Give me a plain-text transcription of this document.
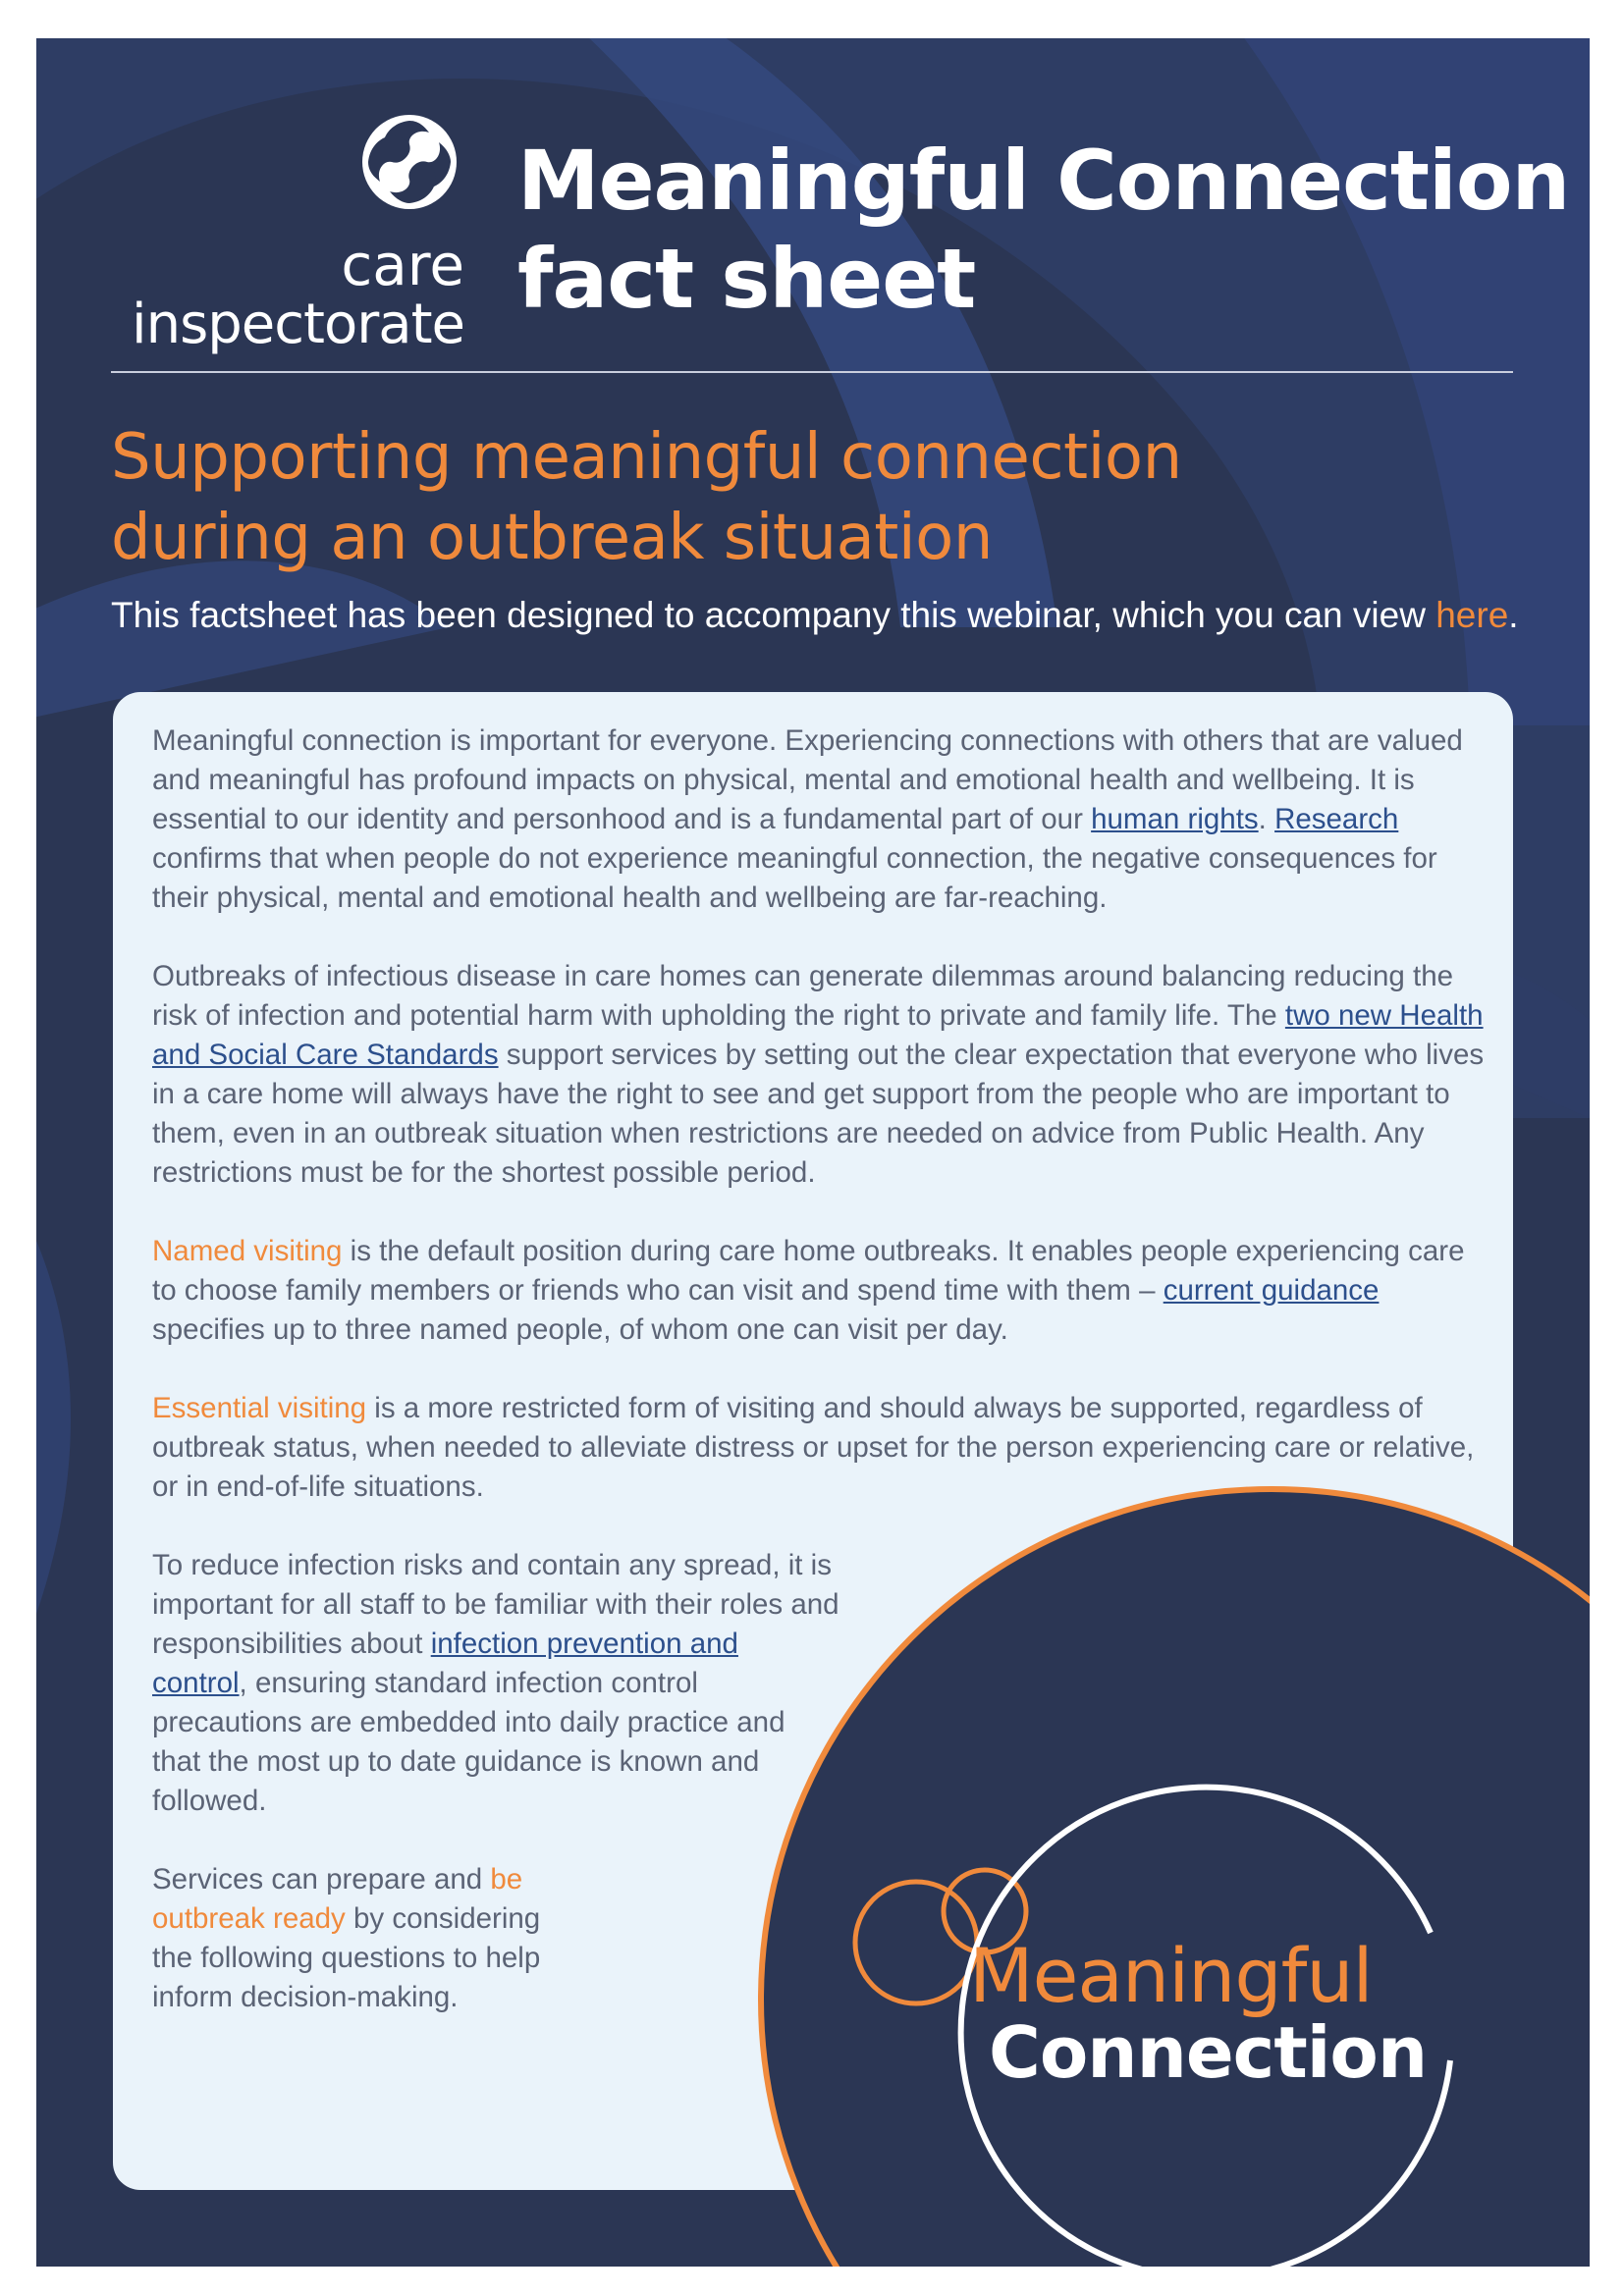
care
inspectorate
Meaningful Connection
fact sheet
Supporting meaningful connection
during an outbreak situation
This factsheet has been designed to accompany this webinar, which you can view here.

Meaningful connection is important for everyone. Experiencing connections with others that are valued and meaningful has profound impacts on physical, mental and emotional health and wellbeing. It is essential to our identity and personhood and is a fundamental part of our human rights. Research confirms that when people do not experience meaningful connection, the negative consequences for their physical, mental and emotional health and wellbeing are far-reaching.

Outbreaks of infectious disease in care homes can generate dilemmas around balancing reducing the risk of infection and potential harm with upholding the right to private and family life. The two new Health and Social Care Standards support services by setting out the clear expectation that everyone who lives in a care home will always have the right to see and get support from the people who are important to them, even in an outbreak situation when restrictions are needed on advice from Public Health. Any restrictions must be for the shortest possible period.

Named visiting is the default position during care home outbreaks. It enables people experiencing care to choose family members or friends who can visit and spend time with them – current guidance specifies up to three named people, of whom one can visit per day.

Essential visiting is a more restricted form of visiting and should always be supported, regardless of outbreak status, when needed to alleviate distress or upset for the person experiencing care or relative, or in end-of-life situations.

To reduce infection risks and contain any spread, it is important for all staff to be familiar with their roles and responsibilities about infection prevention and control, ensuring standard infection control precautions are embedded into daily practice and that the most up to date guidance is known and followed.

Services can prepare and be outbreak ready by considering the following questions to help inform decision-making.	Meaningful
Connection
